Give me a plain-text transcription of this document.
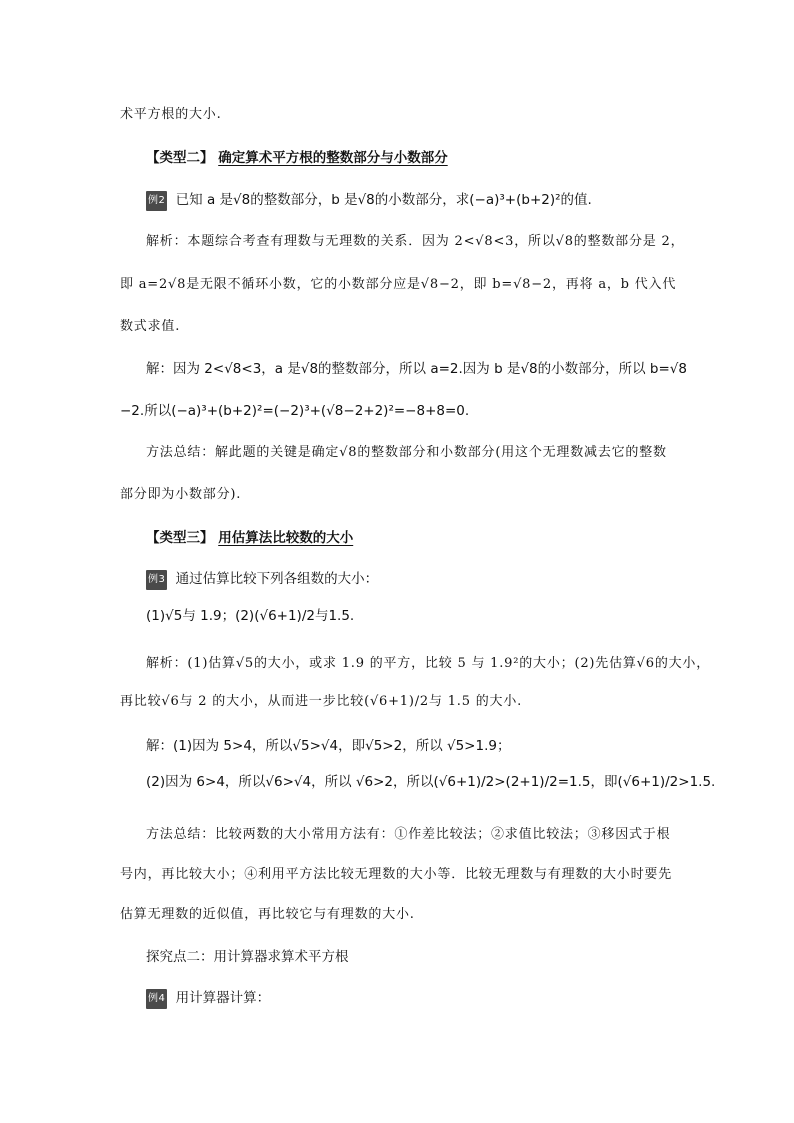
术平方根的大小.
【类型二】 确定算术平方根的整数部分与小数部分
例2 已知 a 是√8的整数部分，b 是√8的小数部分，求(−a)³+(b+2)²的值.
解析：本题综合考查有理数与无理数的关系．因为 2<√8<3，所以√8的整数部分是 2，
即 a=2√8是无限不循环小数，它的小数部分应是√8−2，即 b=√8−2，再将 a，b 代入代
数式求值.
解：因为 2<√8<3，a 是√8的整数部分，所以 a=2.因为 b 是√8的小数部分，所以 b=√8
−2.所以(−a)³+(b+2)²=(−2)³+(√8−2+2)²=−8+8=0.
方法总结：解此题的关键是确定√8的整数部分和小数部分(用这个无理数减去它的整数
部分即为小数部分).
【类型三】 用估算法比较数的大小
例3 通过估算比较下列各组数的大小：
(1)√5与 1.9；(2)(√6+1)/2与1.5.
解析：(1)估算√5的大小，或求 1.9 的平方，比较 5 与 1.9²的大小；(2)先估算√6的大小，
再比较√6与 2 的大小，从而进一步比较(√6+1)/2与 1.5 的大小.
解：(1)因为 5>4，所以√5>√4，即√5>2，所以 √5>1.9；
(2)因为 6>4，所以√6>√4，所以 √6>2，所以(√6+1)/2>(2+1)/2=1.5，即(√6+1)/2>1.5.
方法总结：比较两数的大小常用方法有：①作差比较法；②求值比较法；③移因式于根
号内，再比较大小；④利用平方法比较无理数的大小等．比较无理数与有理数的大小时要先
估算无理数的近似值，再比较它与有理数的大小.
探究点二：用计算器求算术平方根
例4 用计算器计算：
